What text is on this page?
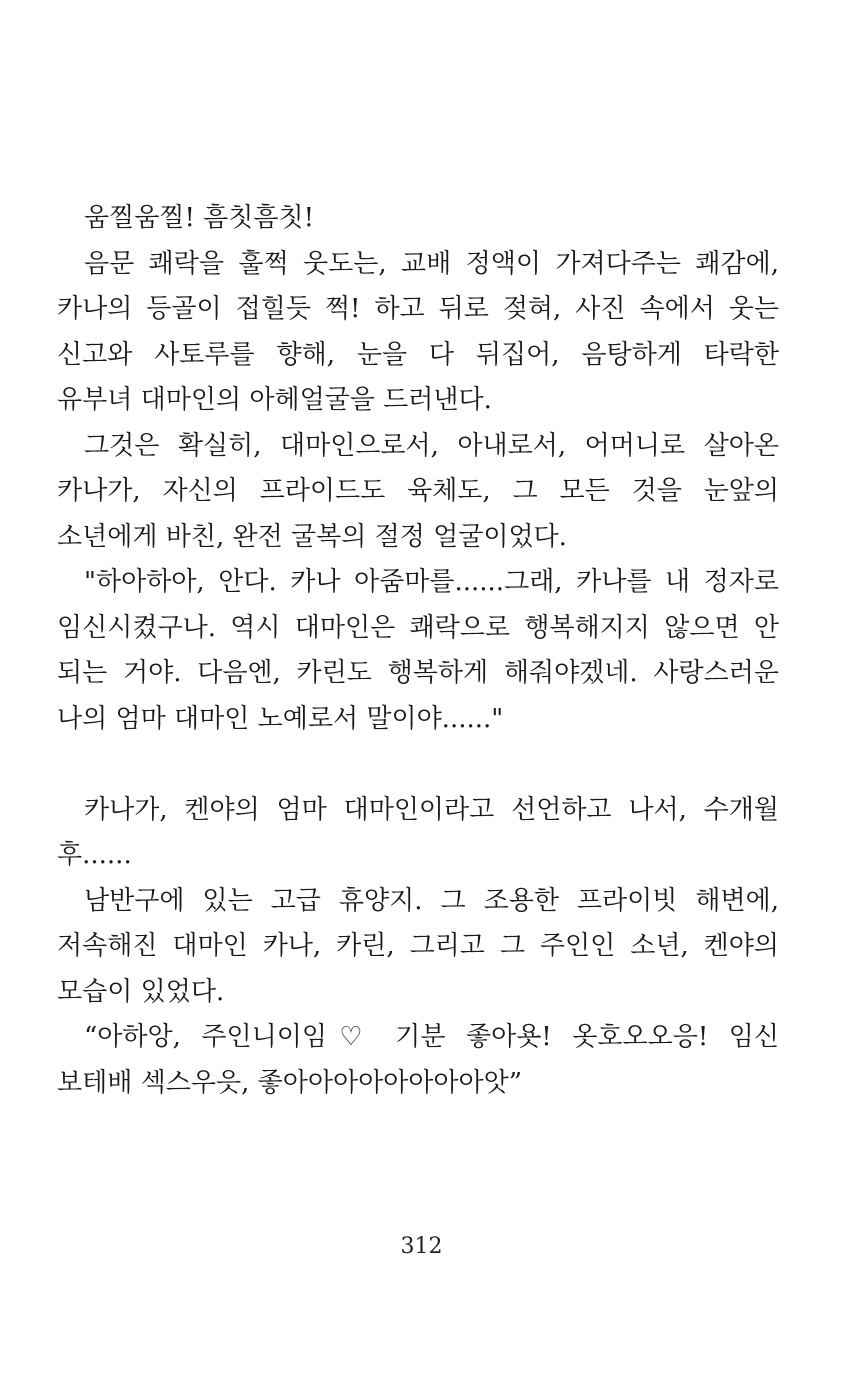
움찔움찔! 흠칫흠칫!
음문 쾌락을 훌쩍 웃도는, 교배 정액이 가져다주는 쾌감에,
카나의 등골이 접힐듯 쩍! 하고 뒤로 젖혀, 사진 속에서 웃는
신고와 사토루를 향해, 눈을 다 뒤집어, 음탕하게 타락한
유부녀 대마인의 아헤얼굴을 드러낸다.
그것은 확실히, 대마인으로서, 아내로서, 어머니로 살아온
카나가, 자신의 프라이드도 육체도, 그 모든 것을 눈앞의
소년에게 바친, 완전 굴복의 절정 얼굴이었다.
"하아하아, 안다. 카나 아줌마를......그래, 카나를 내 정자로
임신시켰구나. 역시 대마인은 쾌락으로 행복해지지 않으면 안
되는 거야. 다음엔, 카린도 행복하게 해줘야겠네. 사랑스러운
나의 엄마 대마인 노예로서 말이야......"
카나가, 켄야의 엄마 대마인이라고 선언하고 나서, 수개월
후......
남반구에 있는 고급 휴양지. 그 조용한 프라이빗 해변에,
저속해진 대마인 카나, 카린, 그리고 그 주인인 소년, 켄야의
모습이 있었다.
“아하앙, 주인니이임♡ 기분 좋아욧! 옷호오오응! 임신
보테배 섹스우읏, 좋아아아아아아아아앗”
312
